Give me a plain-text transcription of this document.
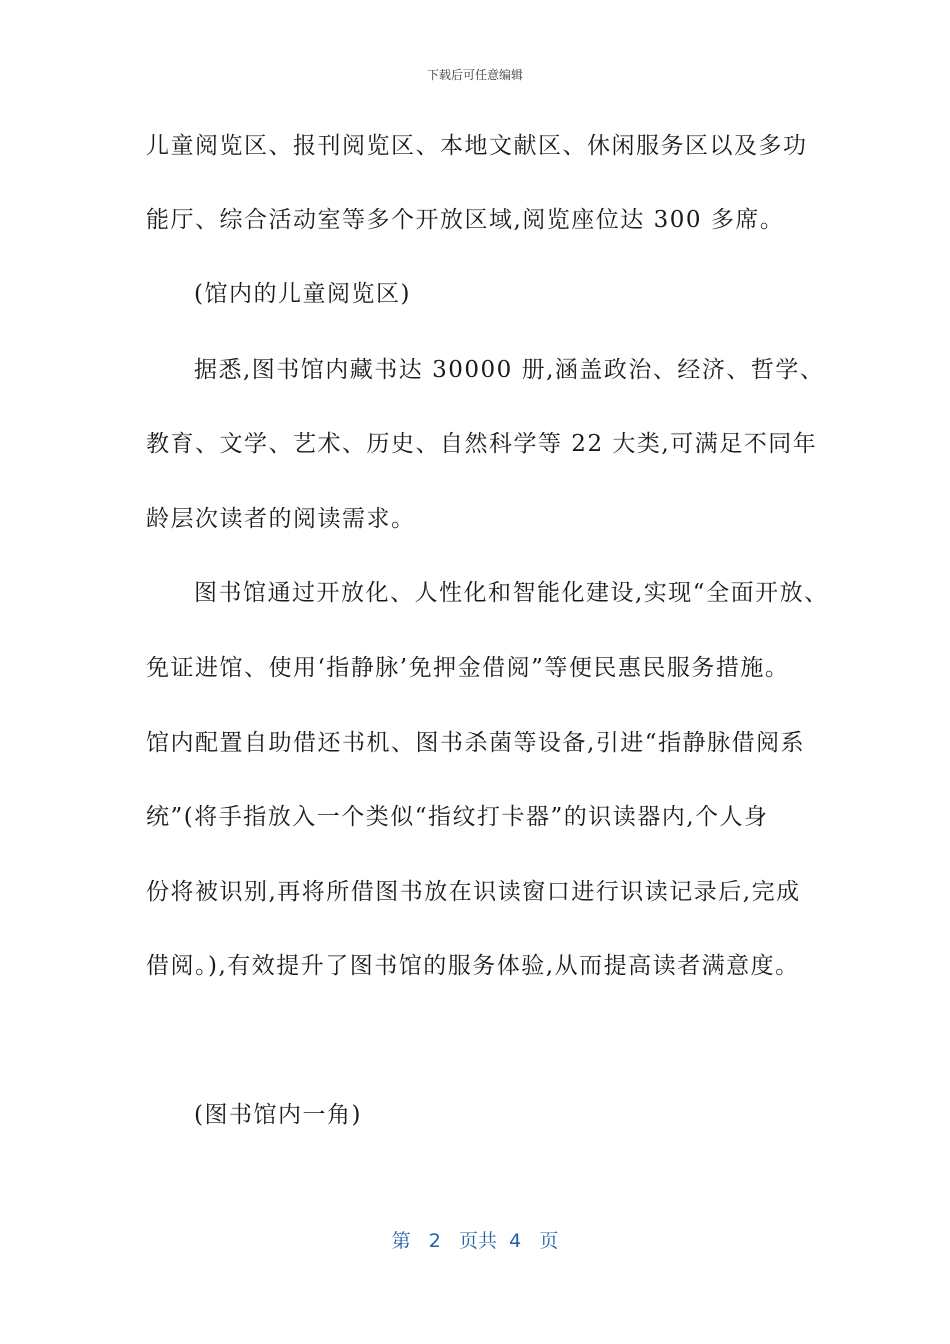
下载后可任意编辑
儿童阅览区、报刊阅览区、本地文献区、休闲服务区以及多功
能厅、综合活动室等多个开放区域,阅览座位达 300 多席。
(馆内的儿童阅览区)
据悉,图书馆内藏书达 30000 册,涵盖政治、经济、哲学、
教育、文学、艺术、历史、自然科学等 22 大类,可满足不同年
龄层次读者的阅读需求。
图书馆通过开放化、人性化和智能化建设,实现“全面开放、
免证进馆、使用‘指静脉’免押金借阅”等便民惠民服务措施。
馆内配置自助借还书机、图书杀菌等设备,引进“指静脉借阅系
统”(将手指放入一个类似“指纹打卡器”的识读器内,个人身
份将被识别,再将所借图书放在识读窗口进行识读记录后,完成
借阅。),有效提升了图书馆的服务体验,从而提高读者满意度。
(图书馆内一角)
第 2 页共 4 页
